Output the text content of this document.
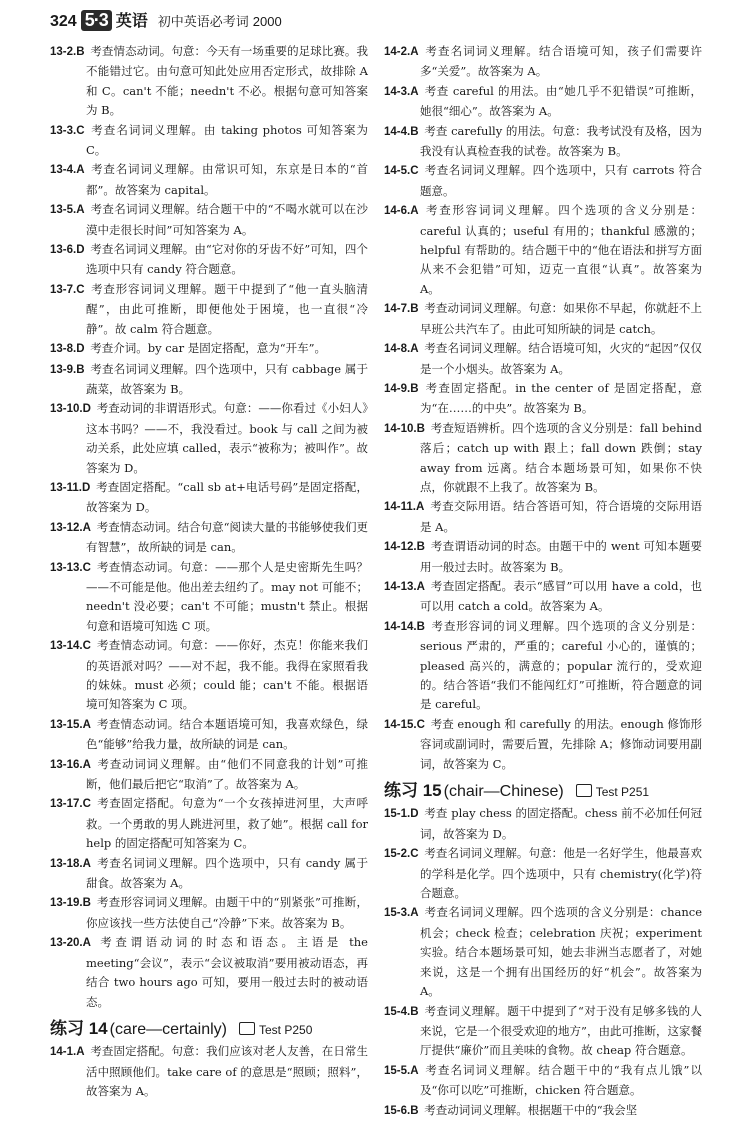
324 5·3 英语 初中英语必考词 2000
13-2.B  考查情态动词。句意：今天有一场重要的足球比赛。我不能错过它。由句意可知此处应用否定形式，故排除 A 和 C。can't 不能；needn't 不必。根据句意可知答案为 B。
13-3.C  考查名词词义理解。由 taking photos 可知答案为 C。
13-4.A  考查名词词义理解。由常识可知，东京是日本的“首都”。故答案为 capital。
13-5.A  考查名词词义理解。结合题干中的“不喝水就可以在沙漠中走很长时间”可知答案为 A。
13-6.D  考查名词词义理解。由“它对你的牙齿不好”可知，四个选项中只有 candy 符合题意。
13-7.C  考查形容词词义理解。题干中提到了“他一直头脑清醒”，由此可推断，即便他处于困境，也一直很“冷静”。故 calm 符合题意。
13-8.D  考查介词。by car 是固定搭配，意为“开车”。
13-9.B  考查名词词义理解。四个选项中，只有 cabbage 属于蔬菜，故答案为 B。
13-10.D  考查动词的非谓语形式。句意：——你看过《小妇人》这本书吗？——不，我没看过。book 与 call 之间为被动关系，此处应填 called，表示“被称为；被叫作”。故答案为 D。
13-11.D  考查固定搭配。“call sb at+电话号码”是固定搭配，故答案为 D。
13-12.A  考查情态动词。结合句意“阅读大量的书能够使我们更有智慧”，故所缺的词是 can。
13-13.C  考查情态动词。句意：——那个人是史密斯先生吗？——不可能是他。他出差去纽约了。may not 可能不；needn't 没必要；can't 不可能；mustn't 禁止。根据句意和语境可知选 C 项。
13-14.C  考查情态动词。句意：——你好，杰克！你能来我们的英语派对吗？——对不起，我不能。我得在家照看我的妹妹。must 必须；could 能；can't 不能。根据语境可知答案为 C 项。
13-15.A  考查情态动词。结合本题语境可知，我喜欢绿色，绿色“能够”给我力量，故所缺的词是 can。
13-16.A  考查动词词义理解。由“他们不同意我的计划”可推断，他们最后把它“取消”了。故答案为 A。
13-17.C  考查固定搭配。句意为“一个女孩掉进河里，大声呼救。一个勇敢的男人跳进河里，救了她”。根据 call for help 的固定搭配可知答案为 C。
13-18.A  考查名词词义理解。四个选项中，只有 candy 属于甜食。故答案为 A。
13-19.B  考查形容词词义理解。由题干中的“别紧张”可推断，你应该找一些方法使自己“冷静”下来。故答案为 B。
13-20.A  考查谓语动词的时态和语态。主语是 the meeting“会议”，表示“会议被取消”要用被动语态，再结合 two hours ago 可知，要用一般过去时的被动语态。
练习 14 (care—certainly)	Test P250
14-1.A  考查固定搭配。句意：我们应该对老人友善，在日常生活中照顾他们。take care of 的意思是“照顾；照料”，故答案为 A。
14-2.A  考查名词词义理解。结合语境可知，孩子们需要许多“关爱”。故答案为 A。
14-3.A  考查 careful 的用法。由“她几乎不犯错误”可推断，她很“细心”。故答案为 A。
14-4.B  考查 carefully 的用法。句意：我考试没有及格，因为我没有认真检查我的试卷。故答案为 B。
14-5.C  考查名词词义理解。四个选项中，只有 carrots 符合题意。
14-6.A  考查形容词词义理解。四个选项的含义分别是：careful 认真的；useful 有用的；thankful 感激的；helpful 有帮助的。结合题干中的“他在语法和拼写方面从来不会犯错”可知，迈克一直很“认真”。故答案为 A。
14-7.B  考查动词词义理解。句意：如果你不早起，你就赶不上早班公共汽车了。由此可知所缺的词是 catch。
14-8.A  考查名词词义理解。结合语境可知，火灾的“起因”仅仅是一个小烟头。故答案为 A。
14-9.B  考查固定搭配。in the center of 是固定搭配，意为“在……的中央”。故答案为 B。
14-10.B  考查短语辨析。四个选项的含义分别是：fall behind 落后；catch up with 跟上；fall down 跌倒；stay away from 远离。结合本题场景可知，如果你不快点，你就跟不上我了。故答案为 B。
14-11.A  考查交际用语。结合答语可知，符合语境的交际用语是 A。
14-12.B  考查谓语动词的时态。由题干中的 went 可知本题要用一般过去时。故答案为 B。
14-13.A  考查固定搭配。表示“感冒”可以用 have a cold，也可以用 catch a cold。故答案为 A。
14-14.B  考查形容词的词义理解。四个选项的含义分别是：serious 严肃的，严重的；careful 小心的，谨慎的；pleased 高兴的，满意的；popular 流行的，受欢迎的。结合答语“我们不能闯红灯”可推断，符合题意的词是 careful。
14-15.C  考查 enough 和 carefully 的用法。enough 修饰形容词或副词时，需要后置，先排除 A；修饰动词要用副词，故答案为 C。
练习 15 (chair—Chinese)	Test P251
15-1.D  考查 play chess 的固定搭配。chess 前不必加任何冠词，故答案为 D。
15-2.C  考查名词词义理解。句意：他是一名好学生，他最喜欢的学科是化学。四个选项中，只有 chemistry(化学)符合题意。
15-3.A  考查名词词义理解。四个选项的含义分别是：chance 机会；check 检查；celebration 庆祝；experiment 实验。结合本题场景可知，她去非洲当志愿者了，对她来说，这是一个拥有出国经历的好“机会”。故答案为 A。
15-4.B  考查词义理解。题干中提到了“对于没有足够多钱的人来说，它是一个很受欢迎的地方”，由此可推断，这家餐厅提供“廉价”而且美味的食物。故 cheap 符合题意。
15-5.A  考查名词词义理解。结合题干中的“我有点儿饿”以及“你可以吃”可推断，chicken 符合题意。
15-6.B  考查动词词义理解。根据题干中的“我会坚
